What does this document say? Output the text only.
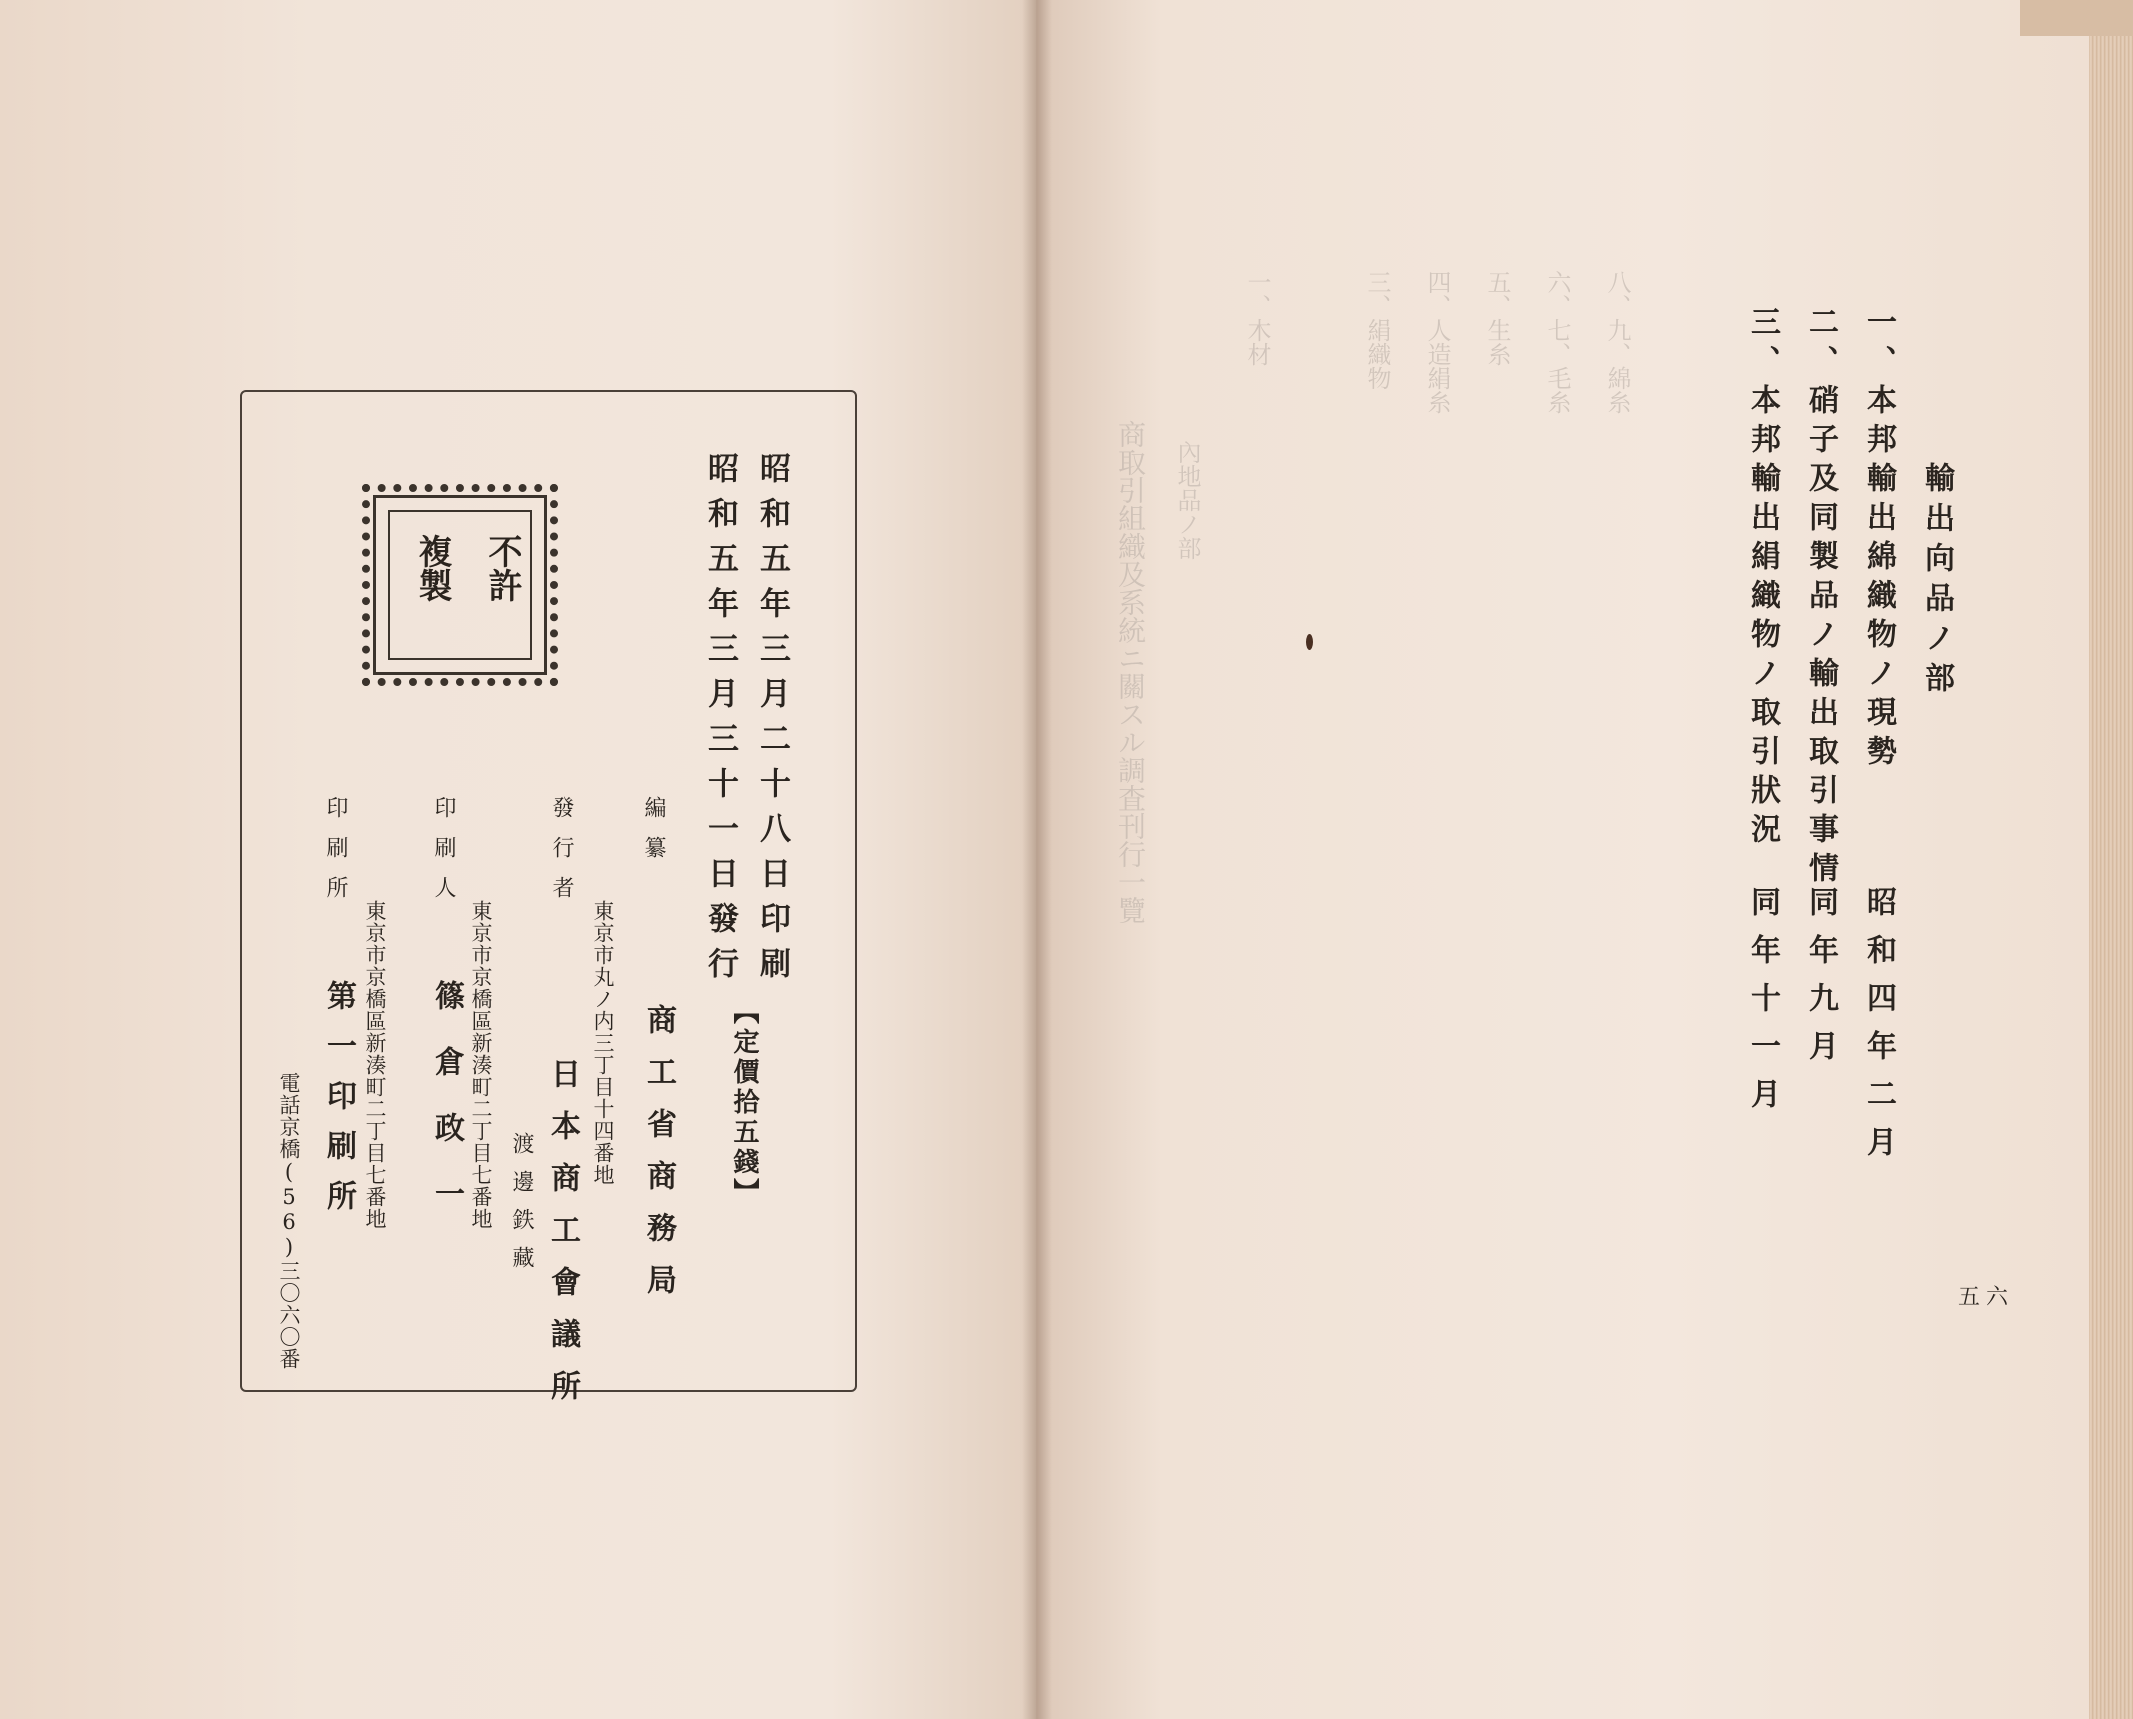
商取引組織及系統ニ關スル調査刊行一覽 內地品ノ部
一、木材	三、絹織物 四、人造絹糸 五、生糸 六、七、毛糸 八、九、綿糸
不許
複製	昭和五年三月二十八日印刷
昭和五年三月三十一日發行
【定價拾五錢】
編纂
東京市丸ノ内三丁目十四番地 商工省商務局
發行者
日本商工會議所
渡邊鉄藏
印刷人
東京市京橋區新湊町二丁目七番地
篠倉政一
印刷所
東京市京橋區新湊町二丁目七番地
第一印刷所
電話京橋(56)三〇六〇番
輸出向品ノ部
一、本邦輸出綿織物ノ現勢
二、硝子及同製品ノ輸出取引事情
三、本邦輸出絹織物ノ取引狀況
昭和四年二月
同年九月
同年十一月
五六
